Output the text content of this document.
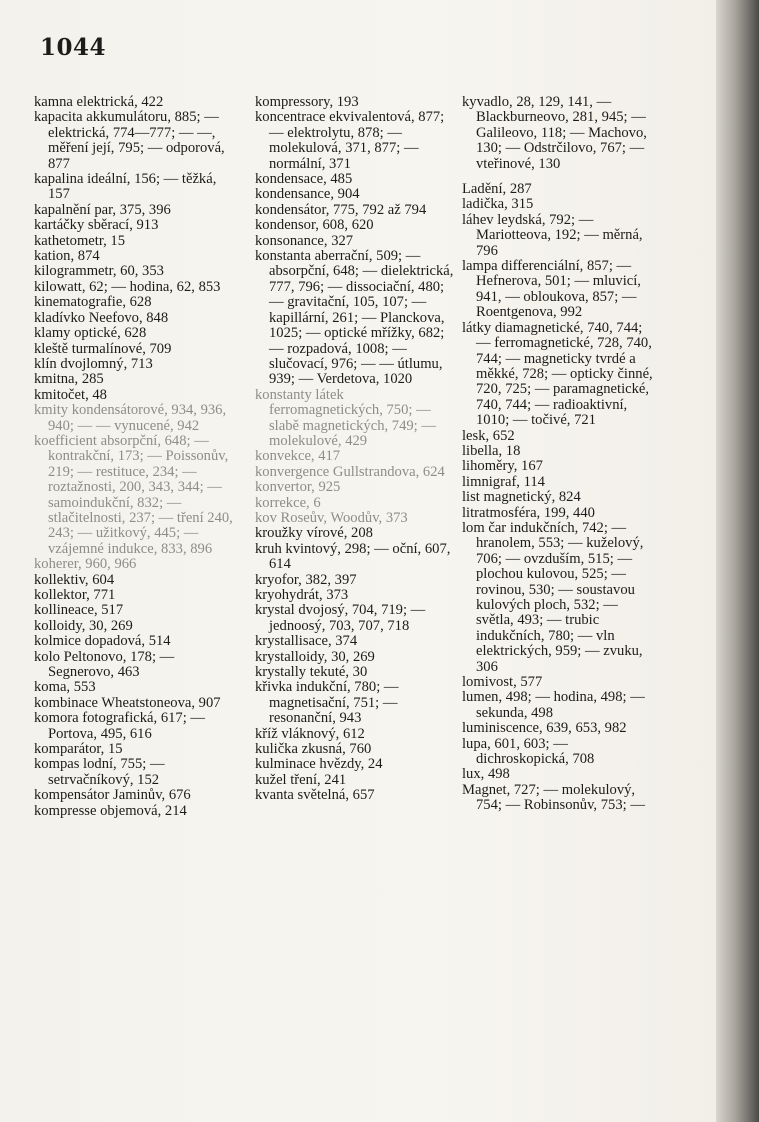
1044

kamna elektrická, 422

kapacita akkumulátoru, 885; — elektrická, 774—777; — —, měření její, 795; — odporová, 877

kapalina ideální, 156; — těžká, 157

kapalnění par, 375, 396

kartáčky sběrací, 913

kathetometr, 15

kation, 874

kilogrammetr, 60, 353

kilowatt, 62; — hodina, 62, 853

kinematografie, 628

kladívko Neefovo, 848

klamy optické, 628

kleště turmalínové, 709

klín dvojlomný, 713

kmitna, 285

kmitočet, 48

kmity kondensátorové, 934, 936, 940; — — vynucené, 942

koefficient absorpční, 648; — kontrakční, 173; — Poissonův, 219; — restituce, 234; — roztažnosti, 200, 343, 344; — samoindukční, 832; — stlačitelnosti, 237; — tření 240, 243; — užitkový, 445; — vzájemné indukce, 833, 896

koherer, 960, 966

kollektiv, 604

kollektor, 771

kollineace, 517

kolloidy, 30, 269

kolmice dopadová, 514

kolo Peltonovo, 178; — Segnerovo, 463

koma, 553

kombinace Wheatstoneova, 907

komora fotografická, 617; — Portova, 495, 616

komparátor, 15

kompas lodní, 755; — setrvačníkový, 152

kompensátor Jaminův, 676

kompresse objemová, 214

kompressory, 193

koncentrace ekvivalentová, 877; — elektrolytu, 878; — molekulová, 371, 877; — normální, 371

kondensace, 485

kondensance, 904

kondensátor, 775, 792 až 794

kondensor, 608, 620

konsonance, 327

konstanta aberrační, 509; — absorpční, 648; — dielektrická, 777, 796; — dissociační, 480; — gravitační, 105, 107; — kapillární, 261; — Planckova, 1025; — optické mřížky, 682; — rozpadová, 1008; — slučovací, 976; — — útlumu, 939; — Verdetova, 1020

konstanty látek ferromagnetických, 750; — slabě magnetických, 749; — molekulové, 429

konvekce, 417

konvergence Gullstrandova, 624

konvertor, 925

korrekce, 6

kov Roseův, Woodův, 373

kroužky vírové, 208

kruh kvintový, 298; — oční, 607, 614

kryofor, 382, 397

kryohydrát, 373

krystal dvojosý, 704, 719; — jednoosý, 703, 707, 718

krystallisace, 374

krystalloidy, 30, 269

krystally tekuté, 30

křivka indukční, 780; — magnetisační, 751; — resonanční, 943

kříž vláknový, 612

kulička zkusná, 760

kulminace hvězdy, 24

kužel tření, 241

kvanta světelná, 657

kyvadlo, 28, 129, 141, — Blackburneovo, 281, 945; — Galileovo, 118; — Machovo, 130; — Odstrčilovo, 767; — vteřinové, 130

Ladění, 287

ladička, 315

láhev leydská, 792; — Mariotteova, 192; — měrná, 796

lampa differenciální, 857; — Hefnerova, 501; — mluvicí, 941, — obloukova, 857; — Roentgenova, 992

látky diamagnetické, 740, 744; — ferromagnetické, 728, 740, 744; — magneticky tvrdé a měkké, 728; — opticky činné, 720, 725; — paramagnetické, 740, 744; — radioaktivní, 1010; — točivé, 721

lesk, 652

libella, 18

lihoměry, 167

limnigraf, 114

list magnetický, 824

litratmosféra, 199, 440

lom čar indukčních, 742; — hranolem, 553; — kuželový, 706; — ovzduším, 515; — plochou kulovou, 525; — rovinou, 530; — soustavou kulových ploch, 532; — světla, 493; — trubic indukčních, 780; — vln elektrických, 959; — zvuku, 306

lomivost, 577

lumen, 498; — hodina, 498; — sekunda, 498

luminiscence, 639, 653, 982

lupa, 601, 603; — dichroskopická, 708

lux, 498

Magnet, 727; — molekulový, 754; — Robinsonův, 753; —
